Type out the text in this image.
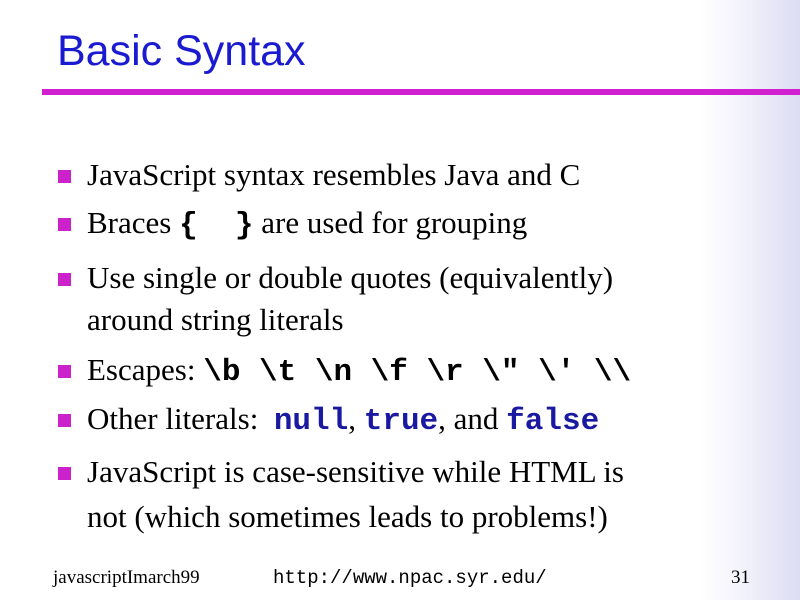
Basic Syntax
JavaScript syntax resembles Java and C
Braces {  } are used for grouping
Use single or double quotes (equivalently)
around string literals
Escapes: \b \t \n \f \r \" \' \\
Other literals:  null, true, and false
JavaScript is case-sensitive while HTML is
not (which sometimes leads to problems!)
javascriptImarch99	http://www.npac.syr.edu/	31
